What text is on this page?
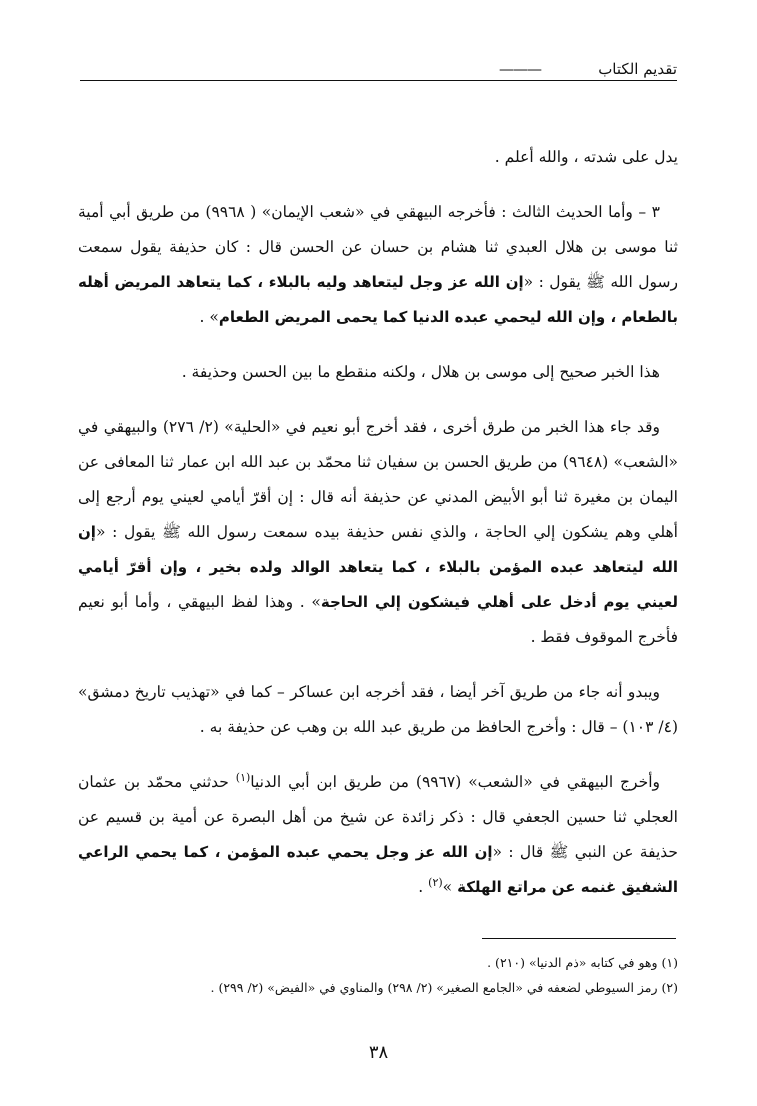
تقديم الكتاب
———

يدل على شدته ، والله أعلم .

٣ – وأما الحديث الثالث : فأخرجه البيهقي في «شعب الإيمان» ( ٩٩٦٨) من طريق أبي أمية ثنا موسى بن هلال العبدي ثنا هشام بن حسان عن الحسن قال : كان حذيفة يقول سمعت رسول الله ﷺ يقول : «إن الله عز وجل ليتعاهد وليه بالبلاء ، كما يتعاهد المريض أهله بالطعام ، وإن الله ليحمي عبده الدنيا كما يحمى المريض الطعام» .

هذا الخبر صحيح إلى موسى بن هلال ، ولكنه منقطع ما بين الحسن وحذيفة .

وقد جاء هذا الخبر من طرق أخرى ، فقد أخرج أبو نعيم في «الحلية» (٢/ ٢٧٦) والبيهقي في «الشعب» (٩٦٤٨) من طريق الحسن بن سفيان ثنا محمّد بن عبد الله ابن عمار ثنا المعافى عن اليمان بن مغيرة ثنا أبو الأبيض المدني عن حذيفة أنه قال : إن أقرّ أيامي لعيني يوم أرجع إلى أهلي وهم يشكون إلي الحاجة ، والذي نفس حذيفة بيده سمعت رسول الله ﷺ يقول : «إن الله ليتعاهد عبده المؤمن بالبلاء ، كما يتعاهد الوالد ولده بخير ، وإن أقرّ أيامي لعيني يوم أدخل على أهلي فيشكون إلي الحاجة» . وهذا لفظ البيهقي ، وأما أبو نعيم فأخرج الموقوف فقط .

ويبدو أنه جاء من طريق آخر أيضا ، فقد أخرجه ابن عساكر – كما في «تهذيب تاريخ دمشق» (٤/ ١٠٣) – قال : وأخرج الحافظ من طريق عبد الله بن وهب عن حذيفة به .

وأخرج البيهقي في «الشعب» (٩٩٦٧) من طريق ابن أبي الدنيا$^{(١)}$ حدثني محمّد بن عثمان العجلي ثنا حسين الجعفي قال : ذكر زائدة عن شيخ من أهل البصرة عن أمية بن قسيم عن حذيفة عن النبي ﷺ قال : «إن الله عز وجل يحمي عبده المؤمن ، كما يحمي الراعي الشفيق غنمه عن مراتع الهلكة »$^{(٢)}$ .

(١) وهو في كتابه «ذم الدنيا» (٢١٠) .
(٢) رمز السيوطي لضعفه في «الجامع الصغير» (٢/ ٢٩٨) والمناوي في «الفيض» (٢/ ٢٩٩) .
٣٨
